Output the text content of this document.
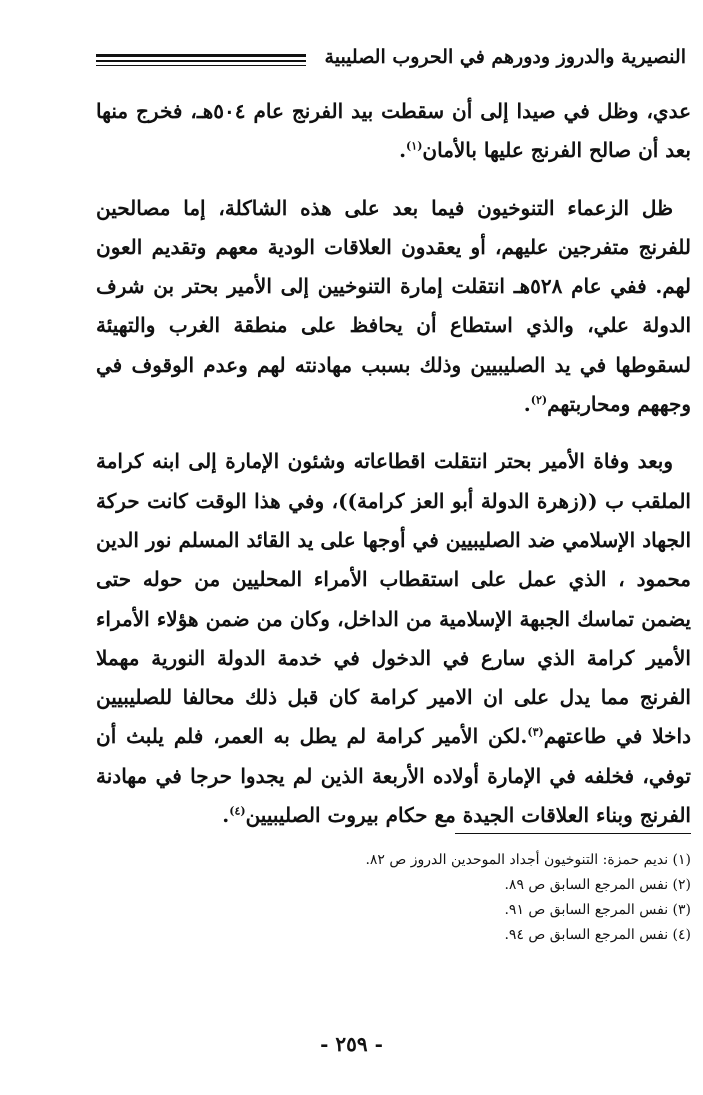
النصيرية والدروز ودورهم في الحروب الصليبية

عدي، وظل في صيدا إلى أن سقطت بيد الفرنج عام ٥٠٤هـ، فخرج منها بعد أن صالح الفرنج عليها بالأمان$^{(١)}$.

ظل الزعماء التنوخيون فيما بعد على هذه الشاكلة، إما مصالحين للفرنج متفرجين عليهم، أو يعقدون العلاقات الودية معهم وتقديم العون لهم. ففي عام ٥٢٨هـ انتقلت إمارة التنوخيين إلى الأمير بحتر بن شرف الدولة علي، والذي استطاع أن يحافظ على منطقة الغرب والتهيئة لسقوطها في يد الصليبيين وذلك بسبب مهادنته لهم وعدم الوقوف في وجههم ومحاربتهم$^{(٢)}$.

وبعد وفاة الأمير بحتر انتقلت اقطاعاته وشئون الإمارة إلى ابنه كرامة الملقب ب ((زهرة الدولة أبو العز كرامة))، وفي هذا الوقت كانت حركة الجهاد الإسلامي ضد الصليبيين في أوجها على يد القائد المسلم نور الدين محمود ، الذي عمل على استقطاب الأمراء المحليين من حوله حتى يضمن تماسك الجبهة الإسلامية من الداخل، وكان من ضمن هؤلاء الأمراء الأمير كرامة الذي سارع في الدخول في خدمة الدولة النورية مهملا الفرنج مما يدل على ان الامير كرامة كان قبل ذلك محالفا للصليبيين داخلا في طاعتهم$^{(٣)}$.لكن الأمير كرامة لم يطل به العمر، فلم يلبث أن توفي، فخلفه في الإمارة أولاده الأربعة الذين لم يجدوا حرجا في مهادنة الفرنج وبناء العلاقات الجيدة مع حكام بيروت الصليبيين$^{(٤)}$.

(١) نديم حمزة: التنوخيون أجداد الموحدين الدروز ص ٨٢.

(٢) نفس المرجع السابق ص ٨٩.

(٣) نفس المرجع السابق ص ٩١.

(٤) نفس المرجع السابق ص ٩٤.

- ٢٥٩ -
